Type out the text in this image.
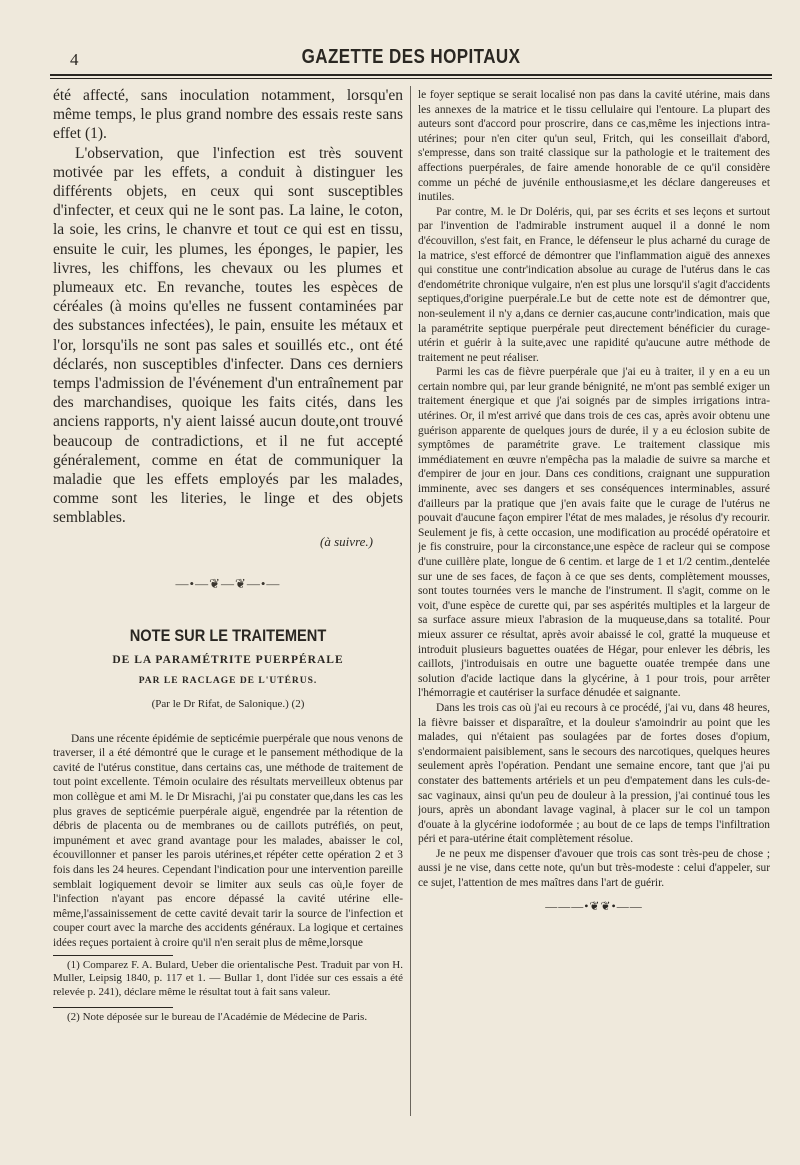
4	GAZETTE DES HOPITAUX

été affecté, sans inoculation notamment, lorsqu'en même temps, le plus grand nombre des essais reste sans effet (1).

L'observation, que l'infection est très souvent motivée par les effets, a conduit à distinguer les différents objets, en ceux qui sont susceptibles d'infecter, et ceux qui ne le sont pas. La laine, le coton, la soie, les crins, le chanvre et tout ce qui est en tissu, ensuite le cuir, les plumes, les éponges, le papier, les livres, les chiffons, les chevaux ou les plumes et plumeaux etc. En revanche, toutes les espèces de céréales (à moins qu'elles ne fussent contaminées par des substances infectées), le pain, ensuite les métaux et l'or, lorsqu'ils ne sont pas sales et souillés etc., ont été déclarés, non susceptibles d'infecter. Dans ces derniers temps l'admission de l'événement d'un entraînement par des marchandises, quoique les faits cités, dans les anciens rapports, n'y aient laissé aucun doute,ont trouvé beaucoup de contradictions, et il ne fut accepté généralement, comme en état de communiquer la maladie que les effets employés par les malades, comme sont les literies, le linge et des objets semblables.

(à suivre.)
—•—❦—❦—•—
NOTE SUR LE TRAITEMENT
DE LA PARAMÉTRITE PUERPÉRALE
PAR LE RACLAGE DE L'UTÉRUS.
(Par le Dr Rifat, de Salonique.) (2)

Dans une récente épidémie de septicémie puerpérale que nous venons de traverser, il a été démontré que le curage et le pansement méthodique de la cavité de l'utérus constitue, dans certains cas, une méthode de traitement de tout point excellente. Témoin oculaire des résultats merveilleux obtenus par mon collègue et ami M. le Dr Misrachi, j'ai pu constater que,dans les cas les plus graves de septicémie puerpérale aiguë, engendrée par la rétention de débris de placenta ou de membranes ou de caillots putréfiés, on peut, impunément et avec grand avantage pour les malades, abaisser le col, écouvillonner et panser les parois utérines,et répéter cette opération 2 et 3 fois dans les 24 heures. Cependant l'indication pour une intervention pareille semblait logiquement devoir se limiter aux seuls cas où,le foyer de l'infection n'ayant pas encore dépassé la cavité utérine elle-même,l'assainissement de cette cavité devait tarir la source de l'infection et couper court avec la marche des accidents généraux. La logique et certaines idées reçues portaient à croire qu'il n'en serait plus de même,lorsque

(1) Comparez F. A. Bulard, Ueber die orientalische Pest. Traduit par von H. Muller, Leipsig 1840, p. 117 et 1. — Bullar 1, dont l'idée sur ces essais a été relevée p. 241), déclare même le résultat tout à fait sans valeur.

(2) Note déposée sur le bureau de l'Académie de Médecine de Paris.

le foyer septique se serait localisé non pas dans la cavité utérine, mais dans les annexes de la matrice et le tissu cellulaire qui l'entoure. La plupart des auteurs sont d'accord pour proscrire, dans ce cas,même les injections intra-utérines; pour n'en citer qu'un seul, Fritch, qui les conseillait d'abord, s'empresse, dans son traité classique sur la pathologie et le traitement des affections puerpérales, de faire amende honorable de ce qu'il considère comme un péché de juvénile enthousiasme,et les déclare dangereuses et inutiles.

Par contre, M. le Dr Doléris, qui, par ses écrits et ses leçons et surtout par l'invention de l'admirable instrument auquel il a donné le nom d'écouvillon, s'est fait, en France, le défenseur le plus acharné du curage de la matrice, s'est efforcé de démontrer que l'inflammation aiguë des annexes qui constitue une contr'indication absolue au curage de l'utérus dans le cas d'endométrite chronique vulgaire, n'en est plus une lorsqu'il s'agit d'accidents septiques,d'origine puerpérale.Le but de cette note est de démontrer que, non-seulement il n'y a,dans ce dernier cas,aucune contr'indication, mais que la paramétrite septique puerpérale peut directement bénéficier du curage-utérin et guérir à la suite,avec une rapidité qu'aucune autre méthode de traitement ne peut réaliser.

Parmi les cas de fièvre puerpérale que j'ai eu à traiter, il y en a eu un certain nombre qui, par leur grande bénignité, ne m'ont pas semblé exiger un traitement énergique et que j'ai soignés par de simples irrigations intra-utérines. Or, il m'est arrivé que dans trois de ces cas, après avoir obtenu une guérison apparente de quelques jours de durée, il y a eu éclosion subite de symptômes de paramétrite grave. Le traitement classique mis immédiatement en œuvre n'empêcha pas la maladie de suivre sa marche et d'empirer de jour en jour. Dans ces conditions, craignant une suppuration imminente, avec ses dangers et ses conséquences interminables, assuré d'ailleurs par la pratique que j'en avais faite que le curage de l'utérus ne pouvait d'aucune façon empirer l'état de mes malades, je résolus d'y recourir. Seulement je fis, à cette occasion, une modification au procédé opératoire et je fis construire, pour la circonstance,une espèce de racleur qui se compose d'une cuillère plate, longue de 6 centim. et large de 1 et 1/2 centim.,dentelée sur une de ses faces, de façon à ce que ses dents, complètement mousses, sont toutes tournées vers le manche de l'instrument. Il s'agit, comme on le voit, d'une espèce de curette qui, par ses aspérités multiples et la largeur de sa surface assure mieux l'abrasion de la muqueuse,dans sa totalité. Pour mieux assurer ce résultat, après avoir abaissé le col, gratté la muqueuse et introduit plusieurs baguettes ouatées de Hégar, pour enlever les débris, les caillots, j'introduisais en outre une baguette ouatée trempée dans une solution d'acide lactique dans la glycérine, à 1 pour trois, pour arrêter l'hémorragie et cautériser la surface dénudée et saignante.

Dans les trois cas où j'ai eu recours à ce procédé, j'ai vu, dans 48 heures, la fièvre baisser et disparaître, et la douleur s'amoindrir au point que les malades, qui n'étaient pas soulagées par de fortes doses d'opium, s'endormaient paisiblement, sans le secours des narcotiques, quelques heures seulement après l'opération. Pendant une semaine encore, tant que j'ai pu constater des battements artériels et un peu d'empatement dans les culs-de-sac vaginaux, ainsi qu'un peu de douleur à la pression, j'ai continué tous les jours, après un abondant lavage vaginal, à placer sur le col un tampon d'ouate à la glycérine iodoformée ; au bout de ce laps de temps l'infiltration péri et para-utérine était complètement résolue.

Je ne peux me dispenser d'avouer que trois cas sont très-peu de chose ; aussi je ne vise, dans cette note, qu'un but très-modeste : celui d'appeler, sur ce sujet, l'attention de mes maîtres dans l'art de guérir.

———•❦❦•——
